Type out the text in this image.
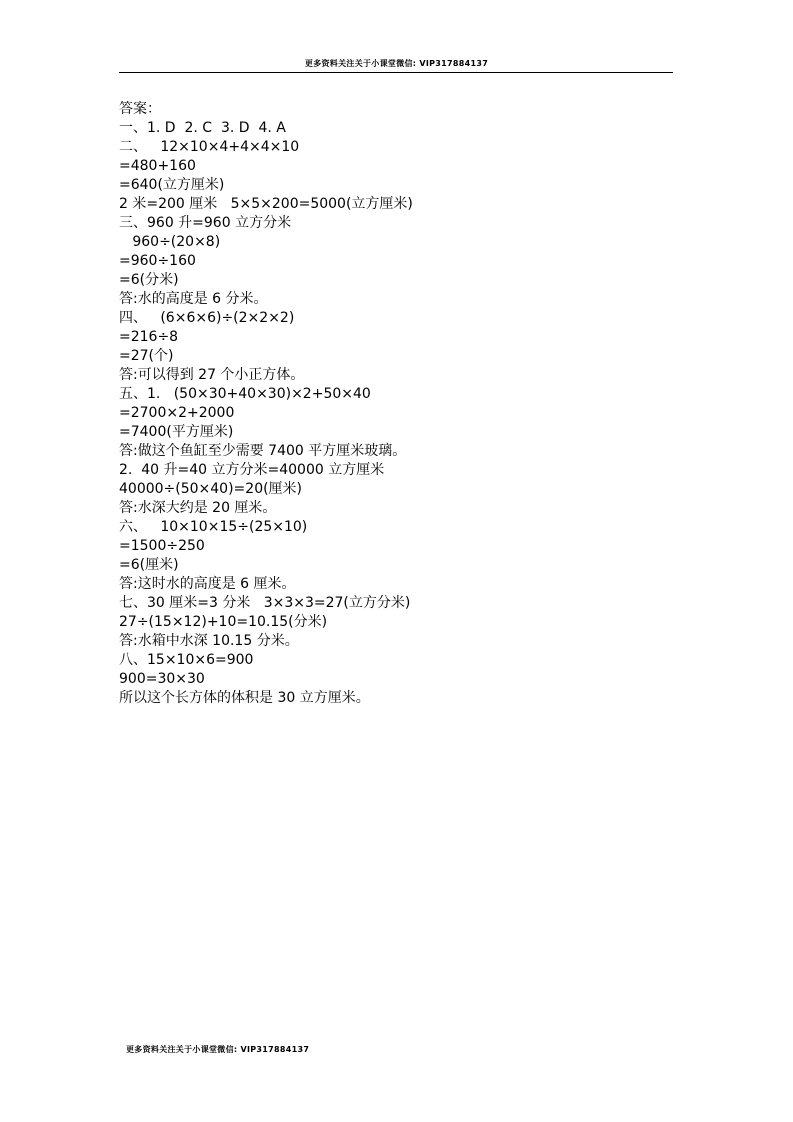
更多资料关注关于小课堂微信: VIP317884137
答案：
一、1. D  2. C  3. D  4. A
二、   12×10×4+4×4×10
=480+160
=640(立方厘米)
2 米=200 厘米   5×5×200=5000(立方厘米)
三、960 升=960 立方分米
960÷(20×8)
=960÷160
=6(分米)
答:水的高度是 6 分米。
四、   (6×6×6)÷(2×2×2)
=216÷8
=27(个)
答:可以得到 27 个小正方体。
五、1.   (50×30+40×30)×2+50×40
=2700×2+2000
=7400(平方厘米)
答:做这个鱼缸至少需要 7400 平方厘米玻璃。
2.  40 升=40 立方分米=40000 立方厘米
40000÷(50×40)=20(厘米)
答:水深大约是 20 厘米。
六、   10×10×15÷(25×10)
=1500÷250
=6(厘米)
答:这时水的高度是 6 厘米。
七、30 厘米=3 分米   3×3×3=27(立方分米)
27÷(15×12)+10=10.15(分米)
答:水箱中水深 10.15 分米。
八、15×10×6=900
900=30×30
所以这个长方体的体积是 30 立方厘米。
更多资料关注关于小课堂微信: VIP317884137
